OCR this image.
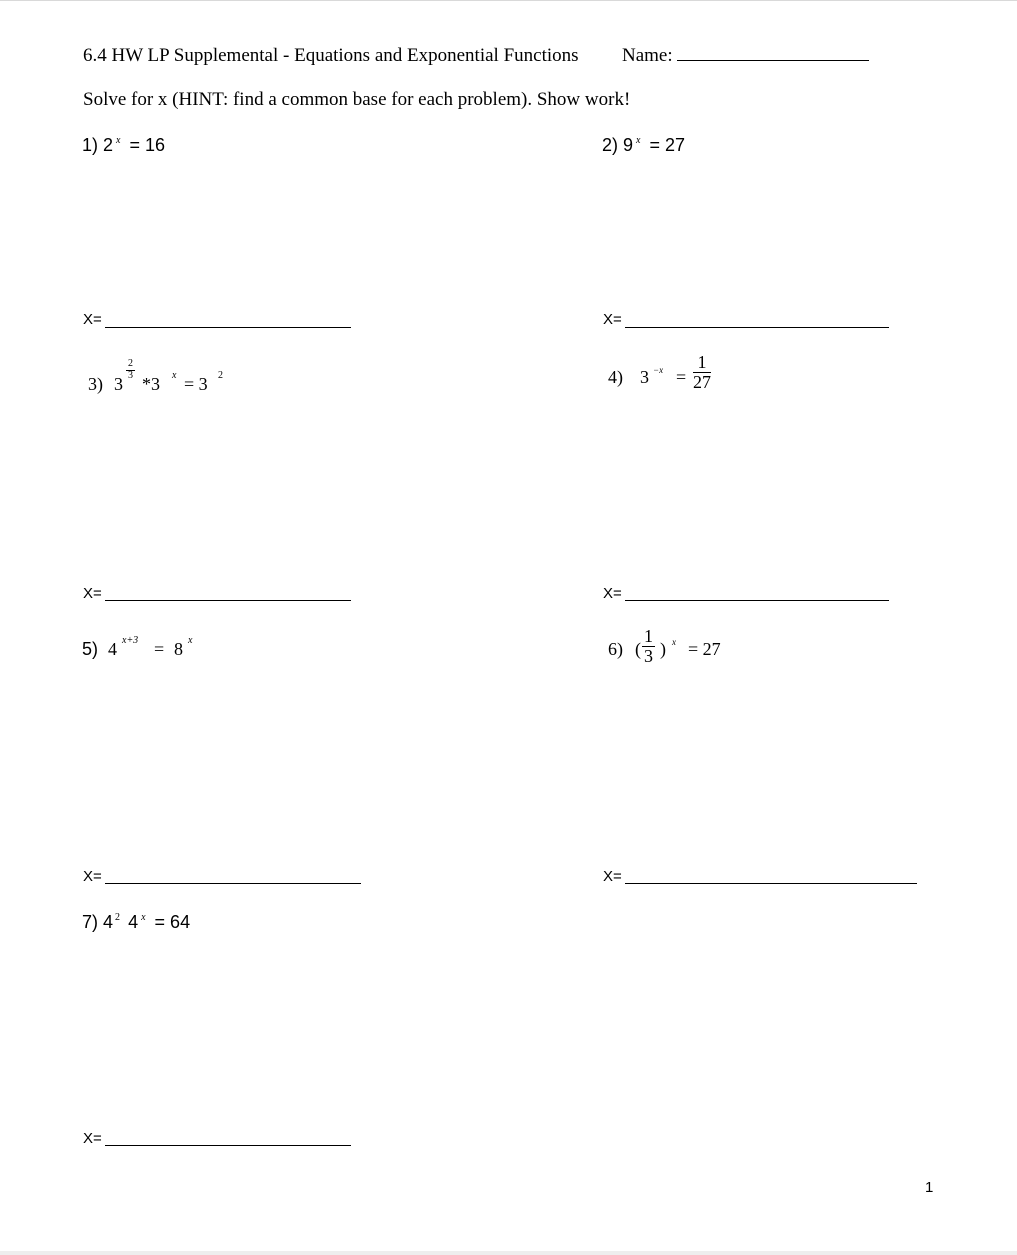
6.4 HW LP Supplemental - Equations and Exponential Functions Name:
Solve for x (HINT: find a common base for each problem). Show work!
1) 2 $^x$ = 16	2) 9 $^x$ = 27
X=	X=
3) 3
$\frac{2}{3}$
*3 x = 3 2	4) $3 -x = \frac{1}{27}$
X=	X=
5) 4 x+3 = 8 x	6) ( $\frac{1}{3}$ ) x = 27
X=	X=
7) 4 $^2$ 4 $^x$ = 64
X=
1
